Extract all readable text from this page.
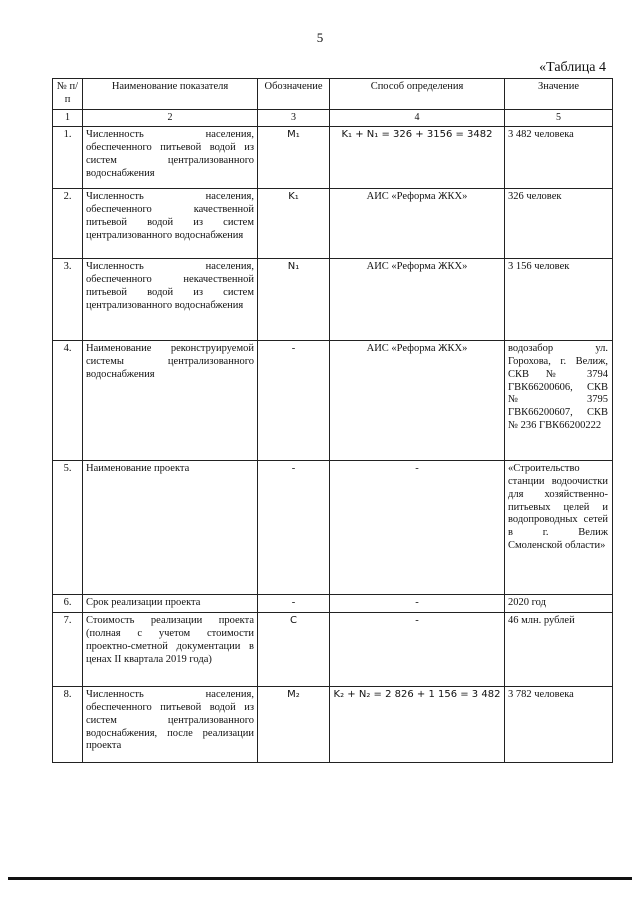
5
«Таблица 4
№ п/п	Наименование показателя	Обозначение	Способ определения	Значение
1	2	3	4	5
1.	Численность населения, обеспеченного питьевой водой из систем централизованного водоснабжения	M₁	K₁ + N₁ = 326 + 3156 = 3482	3 482 человека
2.	Численность населения, обеспеченного качественной питьевой водой из систем централизованного водоснабжения	K₁	АИС «Реформа ЖКХ»	326 человек
3.	Численность населения, обеспеченного некачественной питьевой водой из систем централизованного водоснабжения	N₁	АИС «Реформа ЖКХ»	3 156 человек
4.	Наименование реконструируемой системы централизованного водоснабжения	-	АИС «Реформа ЖКХ»	водозабор ул. Горохова, г. Велиж, СКВ № 3794 ГВК66200606, СКВ № 3795 ГВК66200607, СКВ № 236 ГВК66200222
5.	Наименование проекта	-	-	«Строительство станции водоочистки для хозяйственно-питьевых целей и водопроводных сетей в г. Велиж Смоленской области»
6.	Срок реализации проекта	-	-	2020 год
7.	Стоимость реализации проекта (полная с учетом стоимости проектно-сметной документации в ценах II квартала 2019 года)	C	-	46 млн. рублей
8.	Численность населения, обеспеченного питьевой водой из систем централизованного водоснабжения, после реализации проекта	M₂	K₂ + N₂ = 2 826 + 1 156 = 3 482	3 782 человека
